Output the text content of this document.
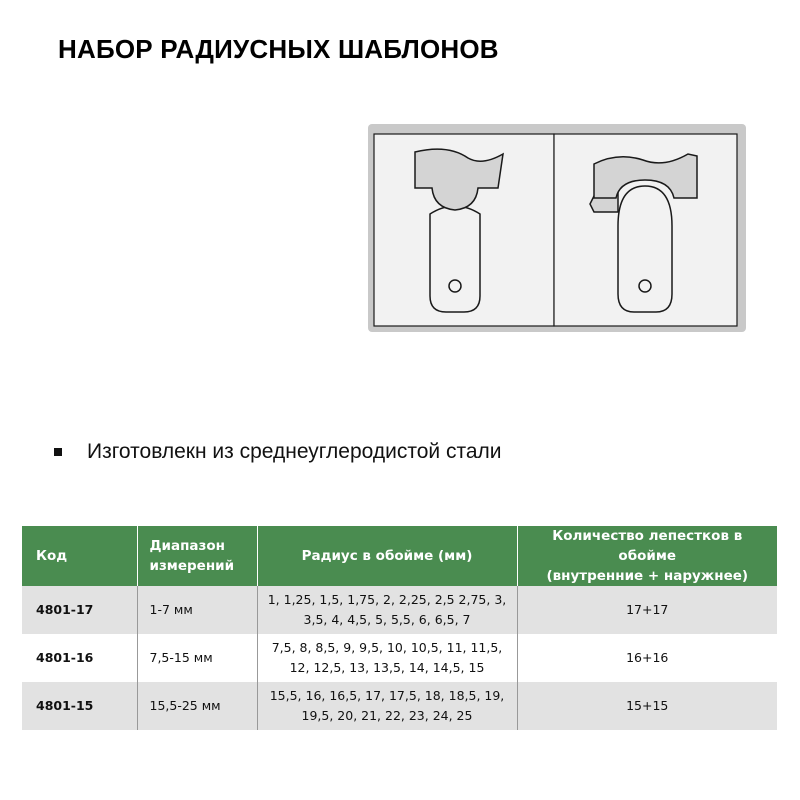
НАБОР РАДИУСНЫХ ШАБЛОНОВ
Изготовлекн из среднеуглеродистой стали
Код	Диапазон измерений	Радиус в обойме (мм)	Количество лепестков в обойме
(внутренние + наружнее)
4801-17	1-7 мм	1, 1,25, 1,5, 1,75, 2, 2,25, 2,5 2,75, 3,
3,5, 4, 4,5, 5, 5,5, 6, 6,5, 7	17+17
4801-16	7,5-15 мм	7,5, 8, 8,5, 9, 9,5, 10, 10,5, 11, 11,5,
12, 12,5, 13, 13,5, 14, 14,5, 15	16+16
4801-15	15,5-25 мм	15,5, 16, 16,5, 17, 17,5, 18, 18,5, 19,
19,5, 20, 21, 22, 23, 24, 25	15+15
